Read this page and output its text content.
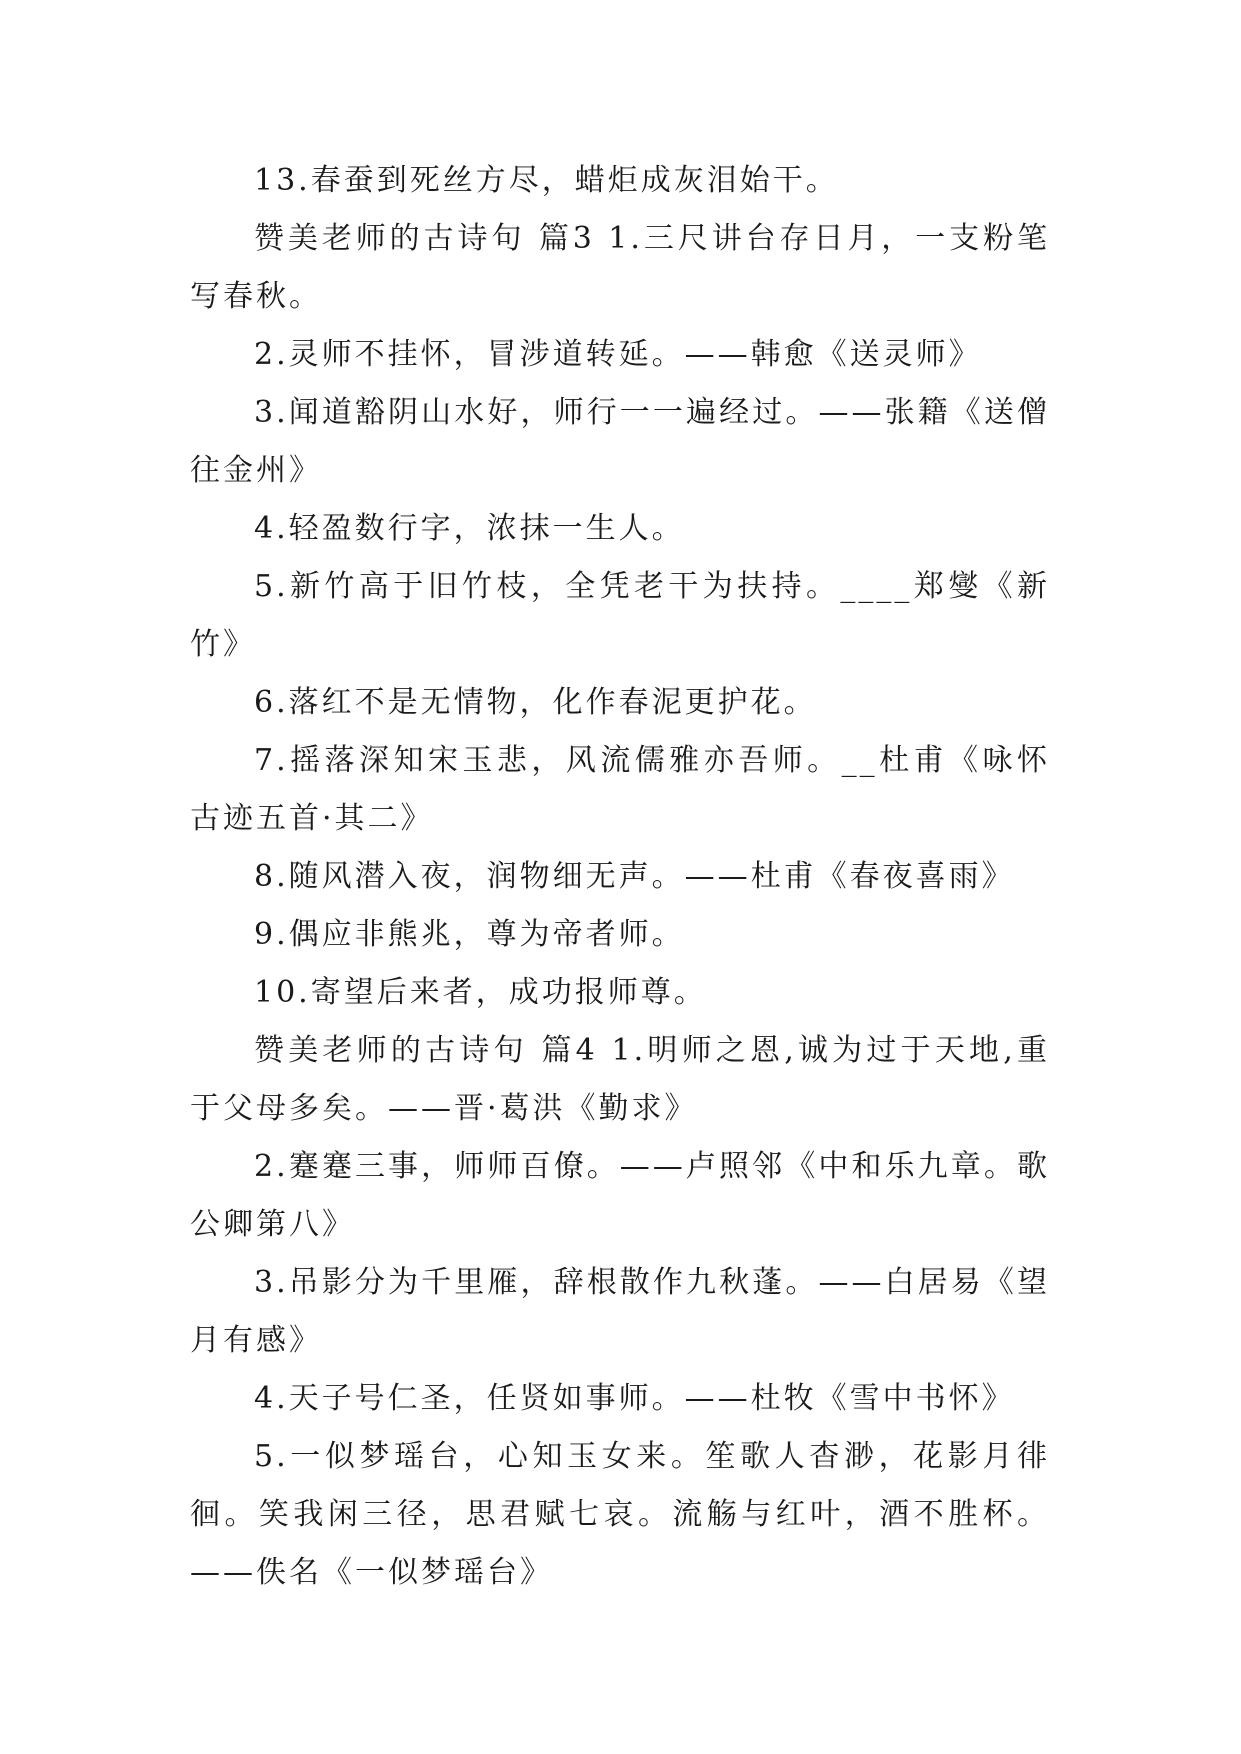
13.春蚕到死丝方尽，蜡炬成灰泪始干。

赞美老师的古诗句 篇3 1.三尺讲台存日月，一支粉笔写春秋。

2.灵师不挂怀，冒涉道转延。——韩愈《送灵师》

3.闻道豁阴山水好，师行一一遍经过。——张籍《送僧往金州》

4.轻盈数行字，浓抹一生人。

5.新竹高于旧竹枝，全凭老干为扶持。____郑燮《新竹》

6.落红不是无情物，化作春泥更护花。

7.摇落深知宋玉悲，风流儒雅亦吾师。__杜甫《咏怀古迹五首·其二》

8.随风潜入夜，润物细无声。——杜甫《春夜喜雨》

9.偶应非熊兆，尊为帝者师。

10.寄望后来者，成功报师尊。

赞美老师的古诗句 篇4 1.明师之恩,诚为过于天地,重于父母多矣。——晋·葛洪《勤求》

2.蹇蹇三事，师师百僚。——卢照邻《中和乐九章。歌公卿第八》

3.吊影分为千里雁，辞根散作九秋蓬。——白居易《望月有感》

4.天子号仁圣，任贤如事师。——杜牧《雪中书怀》

5.一似梦瑶台，心知玉女来。笙歌人杳渺，花影月徘徊。笑我闲三径，思君赋七哀。流觞与红叶，酒不胜杯。——佚名《一似梦瑶台》
